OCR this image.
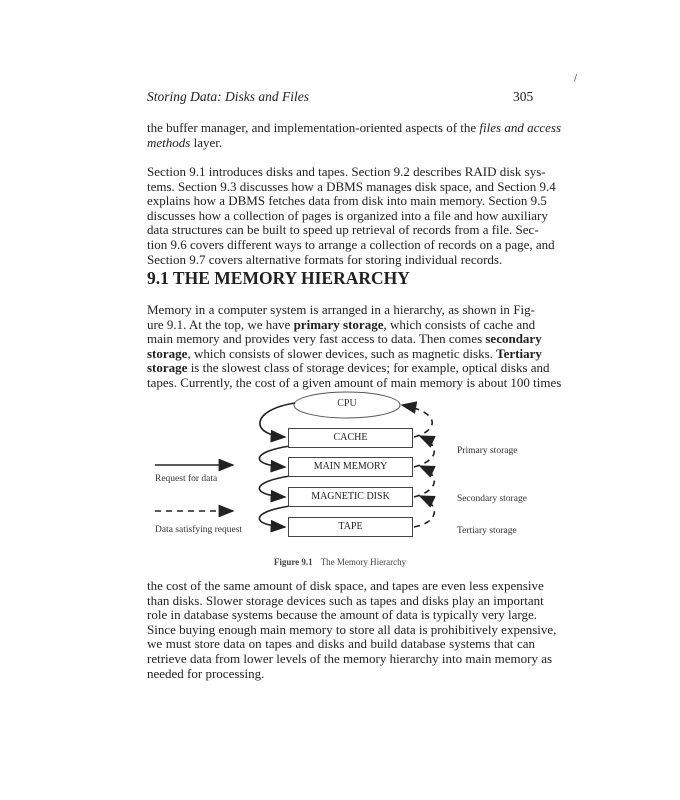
Storing Data: Disks and Files	305
/
the buffer manager, and implementation-oriented aspects of the files and access
methods layer.
Section 9.1 introduces disks and tapes. Section 9.2 describes RAID disk sys-
tems. Section 9.3 discusses how a DBMS manages disk space, and Section 9.4
explains how a DBMS fetches data from disk into main memory. Section 9.5
discusses how a collection of pages is organized into a file and how auxiliary
data structures can be built to speed up retrieval of records from a file. Sec-
tion 9.6 covers different ways to arrange a collection of records on a page, and
Section 9.7 covers alternative formats for storing individual records.
9.1 THE MEMORY HIERARCHY
Memory in a computer system is arranged in a hierarchy, as shown in Fig-
ure 9.1. At the top, we have primary storage, which consists of cache and
main memory and provides very fast access to data. Then comes secondary
storage, which consists of slower devices, such as magnetic disks. Tertiary
storage is the slowest class of storage devices; for example, optical disks and
tapes. Currently, the cost of a given amount of main memory is about 100 times
CPU
CACHE
MAIN MEMORY
MAGNETIC DISK
TAPE
Request for data
Data satisfying request
Primary storage
Secondary storage
Tertiary storage
Figure 9.1 The Memory Hierarchy
the cost of the same amount of disk space, and tapes are even less expensive
than disks. Slower storage devices such as tapes and disks play an important
role in database systems because the amount of data is typically very large.
Since buying enough main memory to store all data is prohibitively expensive,
we must store data on tapes and disks and build database systems that can
retrieve data from lower levels of the memory hierarchy into main memory as
needed for processing.
